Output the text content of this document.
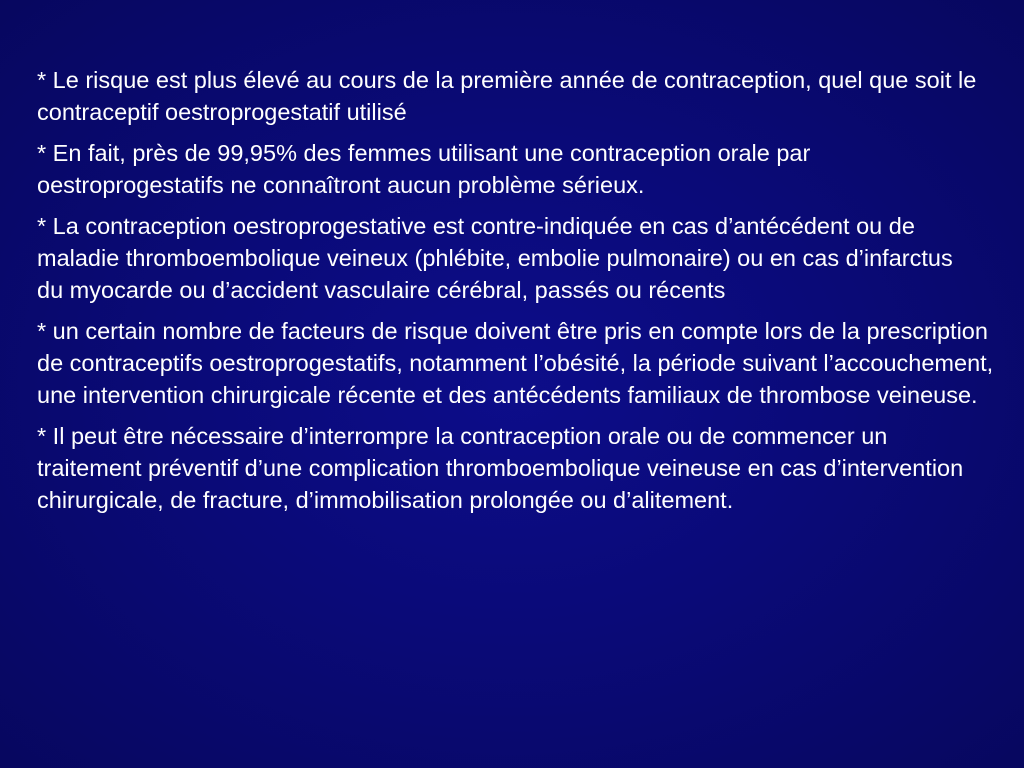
* Le risque est plus élevé au cours de la première année de contraception, quel que soit le contraceptif oestroprogestatif utilisé

* En fait, près de 99,95% des femmes utilisant une contraception orale par oestroprogestatifs ne connaîtront aucun problème sérieux.

* La contraception oestroprogestative est contre-indiquée en cas d’antécédent ou de maladie thromboembolique veineux (phlébite, embolie pulmonaire) ou en cas d’infarctus du myocarde ou d’accident vasculaire cérébral, passés ou récents

* un certain nombre de facteurs de risque doivent être pris en compte lors de la prescription de contraceptifs oestroprogestatifs, notamment l’obésité, la période suivant l’accouchement, une intervention chirurgicale récente et des antécédents familiaux de thrombose veineuse.

* Il peut être nécessaire d’interrompre la contraception orale ou de commencer un traitement préventif d’une complication thromboembolique veineuse en cas d’intervention chirurgicale, de fracture, d’immobilisation prolongée ou d’alitement.
